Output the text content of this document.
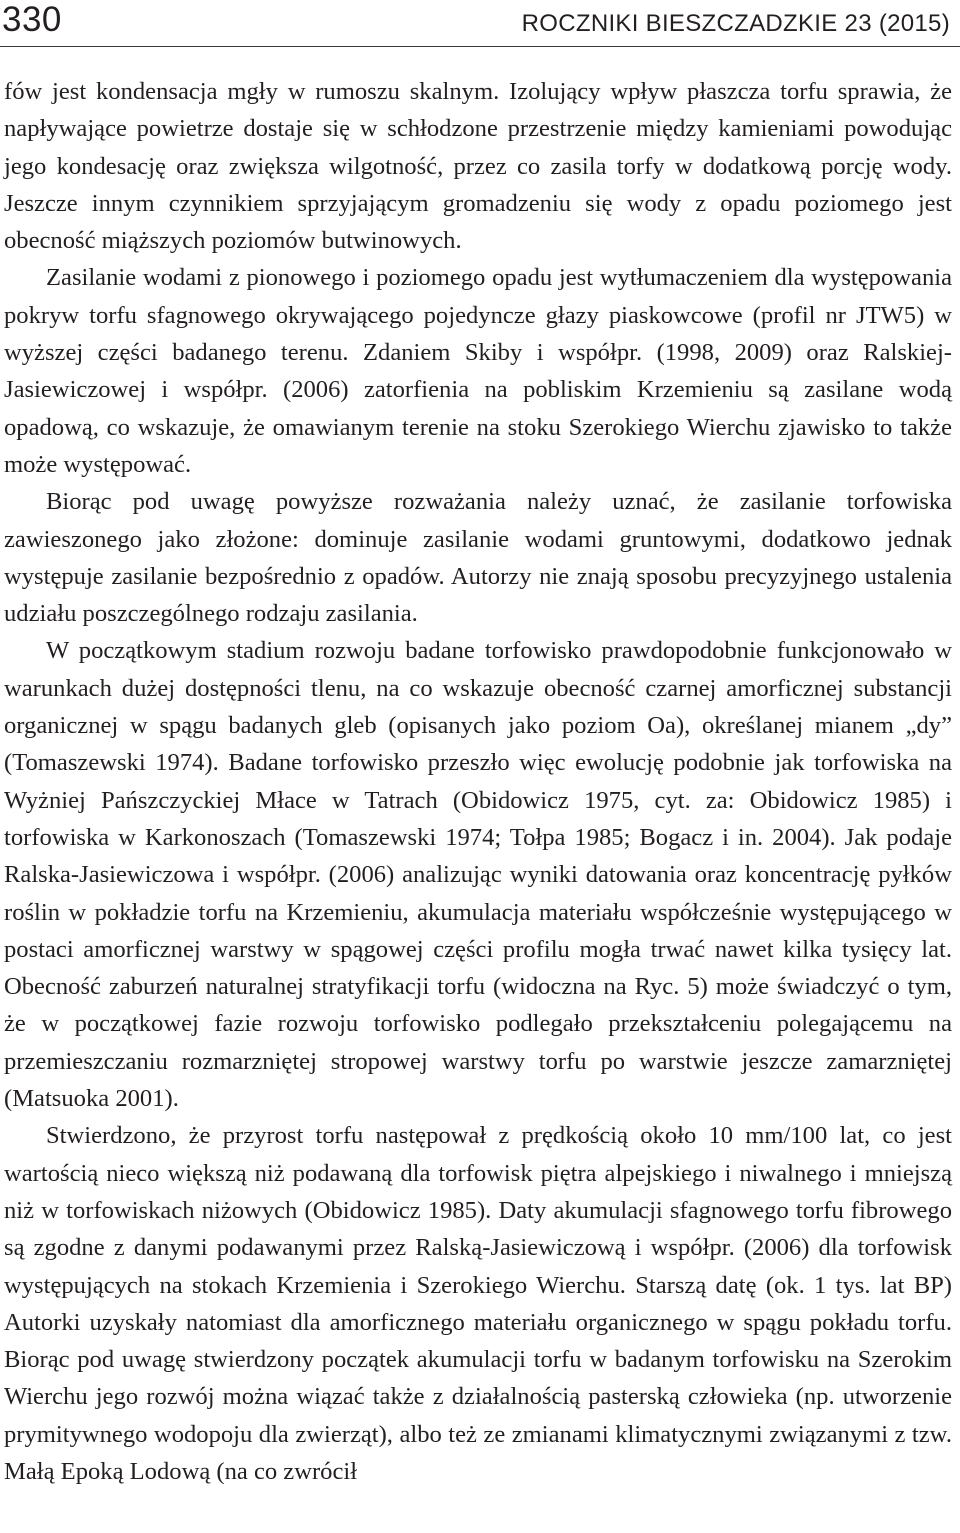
330	ROCZNIKI BIESZCZADZKIE 23 (2015)

fów jest kondensacja mgły w rumoszu skalnym. Izolujący wpływ płaszcza torfu sprawia, że napływające powietrze dostaje się w schłodzone przestrzenie między kamieniami powodując jego kondesację oraz zwiększa wilgotność, przez co zasila torfy w dodatkową porcję wody. Jeszcze innym czynnikiem sprzyjającym gromadzeniu się wody z opadu poziomego jest obecność miąższych poziomów butwinowych.

Zasilanie wodami z pionowego i poziomego opadu jest wytłumaczeniem dla występowania pokryw torfu sfagnowego okrywającego pojedyncze głazy piaskowcowe (profil nr JTW5) w wyższej części badanego terenu. Zdaniem Skiby i współpr. (1998, 2009) oraz Ralskiej-Jasiewiczowej i współpr. (2006) zatorfienia na pobliskim Krzemieniu są zasilane wodą opadową, co wskazuje, że omawianym terenie na stoku Szerokiego Wierchu zjawisko to także może występować.

Biorąc pod uwagę powyższe rozważania należy uznać, że zasilanie torfowiska zawieszonego jako złożone: dominuje zasilanie wodami gruntowymi, dodatkowo jednak występuje zasilanie bezpośrednio z opadów. Autorzy nie znają sposobu precyzyjnego ustalenia udziału poszczególnego rodzaju zasilania.

W początkowym stadium rozwoju badane torfowisko prawdopodobnie funkcjonowało w warunkach dużej dostępności tlenu, na co wskazuje obecność czarnej amorficznej substancji organicznej w spągu badanych gleb (opisanych jako poziom Oa), określanej mianem „dy” (Tomaszewski 1974). Badane torfowisko przeszło więc ewolucję podobnie jak torfowiska na Wyżniej Pańszczyckiej Młace w Tatrach (Obidowicz 1975, cyt. za: Obidowicz 1985) i torfowiska w Karkonoszach (Tomaszewski 1974; Tołpa 1985; Bogacz i in. 2004). Jak podaje Ralska-Jasiewiczowa i współpr. (2006) analizując wyniki datowania oraz koncentrację pyłków roślin w pokładzie torfu na Krzemieniu, akumulacja materiału współcześnie występującego w postaci amorficznej warstwy w spągowej części profilu mogła trwać nawet kilka tysięcy lat. Obecność zaburzeń naturalnej stratyfikacji torfu (widoczna na Ryc. 5) może świadczyć o tym, że w początkowej fazie rozwoju torfowisko podlegało przekształceniu polegającemu na przemieszczaniu rozmarzniętej stropowej warstwy torfu po warstwie jeszcze zamarzniętej (Matsuoka 2001).

Stwierdzono, że przyrost torfu następował z prędkością około 10 mm/100 lat, co jest wartością nieco większą niż podawaną dla torfowisk piętra alpejskiego i niwalnego i mniejszą niż w torfowiskach niżowych (Obidowicz 1985). Daty akumulacji sfagnowego torfu fibrowego są zgodne z danymi podawanymi przez Ralską-Jasiewiczową i współpr. (2006) dla torfowisk występujących na stokach Krzemienia i Szerokiego Wierchu. Starszą datę (ok. 1 tys. lat BP) Autorki uzyskały natomiast dla amorficznego materiału organicznego w spągu pokładu torfu. Biorąc pod uwagę stwierdzony początek akumulacji torfu w badanym torfowisku na Szerokim Wierchu jego rozwój można wiązać także z działalnością pasterską człowieka (np. utworzenie prymitywnego wodopoju dla zwierząt), albo też ze zmianami klimatycznymi związanymi z tzw. Małą Epoką Lodową (na co zwrócił
